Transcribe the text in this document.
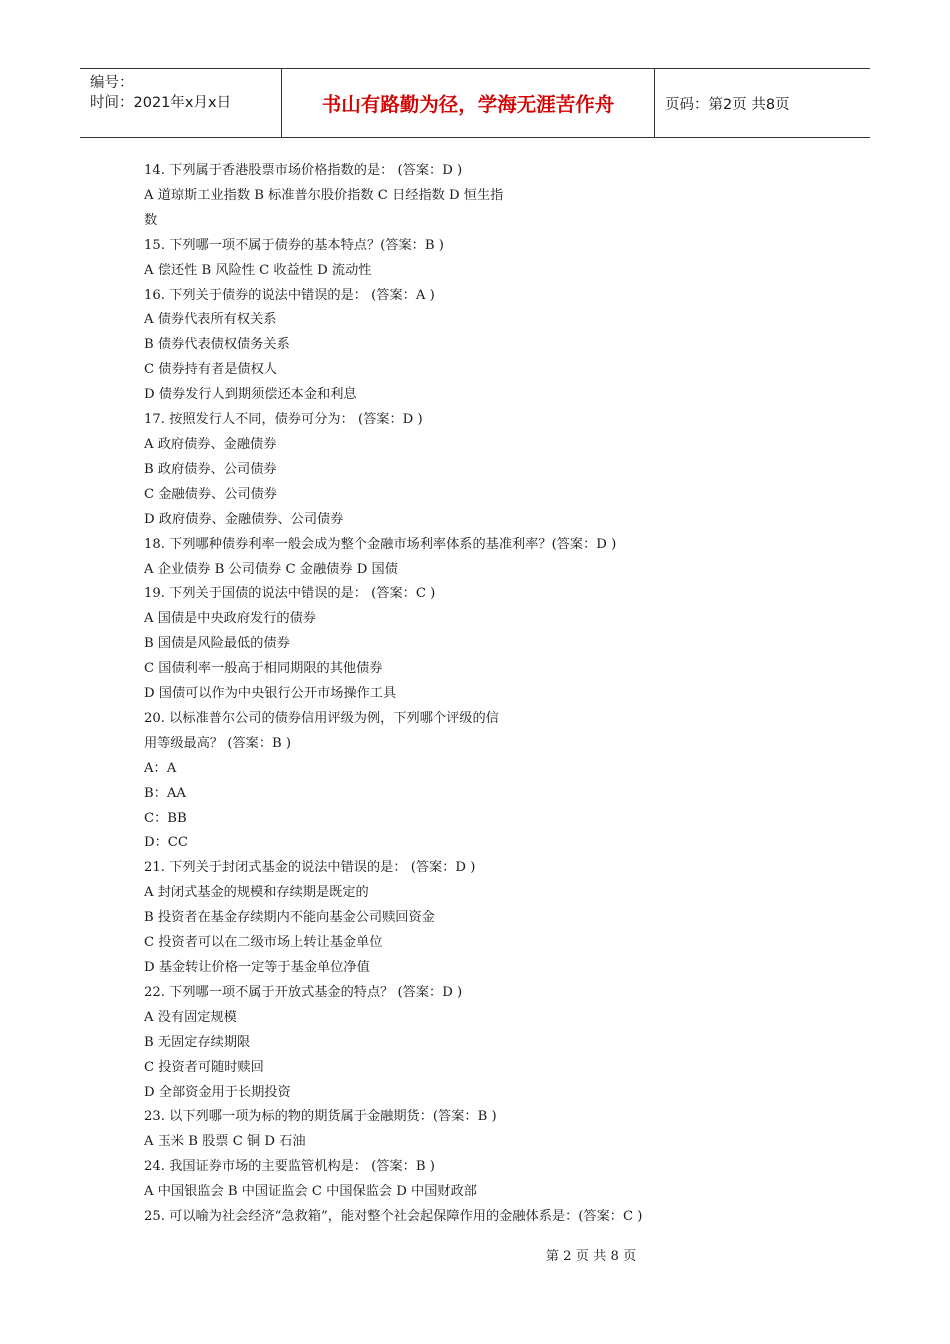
编号：
时间：2021年x月x日	书山有路勤为径，学海无涯苦作舟	页码：第2页 共8页
14. 下列属于香港股票市场价格指数的是： (答案：D )
A 道琼斯工业指数 B 标准普尔股价指数 C 日经指数 D 恒生指
数
15. 下列哪一项不属于债券的基本特点？(答案：B )
A 偿还性 B 风险性 C 收益性 D 流动性
16. 下列关于债券的说法中错误的是： (答案：A )
A 债券代表所有权关系
B 债券代表债权债务关系
C 债券持有者是债权人
D 债券发行人到期须偿还本金和利息
17. 按照发行人不同，债券可分为： (答案：D )
A 政府债券、金融债券
B 政府债券、公司债券
C 金融债券、公司债券
D 政府债券、金融债券、公司债券
18. 下列哪种债券利率一般会成为整个金融市场利率体系的基准利率？(答案：D )
A 企业债券 B 公司债券 C 金融债券 D 国债
19. 下列关于国债的说法中错误的是： (答案：C )
A 国债是中央政府发行的债券
B 国债是风险最低的债券
C 国债利率一般高于相同期限的其他债券
D 国债可以作为中央银行公开市场操作工具
20. 以标准普尔公司的债券信用评级为例，下列哪个评级的信
用等级最高？ (答案：B )
A：A
B：AA
C：BB
D：CC
21. 下列关于封闭式基金的说法中错误的是： (答案：D )
A 封闭式基金的规模和存续期是既定的
B 投资者在基金存续期内不能向基金公司赎回资金
C 投资者可以在二级市场上转让基金单位
D 基金转让价格一定等于基金单位净值
22. 下列哪一项不属于开放式基金的特点？ (答案：D )
A 没有固定规模
B 无固定存续期限
C 投资者可随时赎回
D 全部资金用于长期投资
23. 以下列哪一项为标的物的期货属于金融期货：(答案：B )
A 玉米 B 股票 C 铜 D 石油
24. 我国证券市场的主要监管机构是： (答案：B )
A 中国银监会 B 中国证监会 C 中国保监会 D 中国财政部
25. 可以喻为社会经济“急救箱”，能对整个社会起保障作用的金融体系是：(答案：C )
第 2 页 共 8 页
